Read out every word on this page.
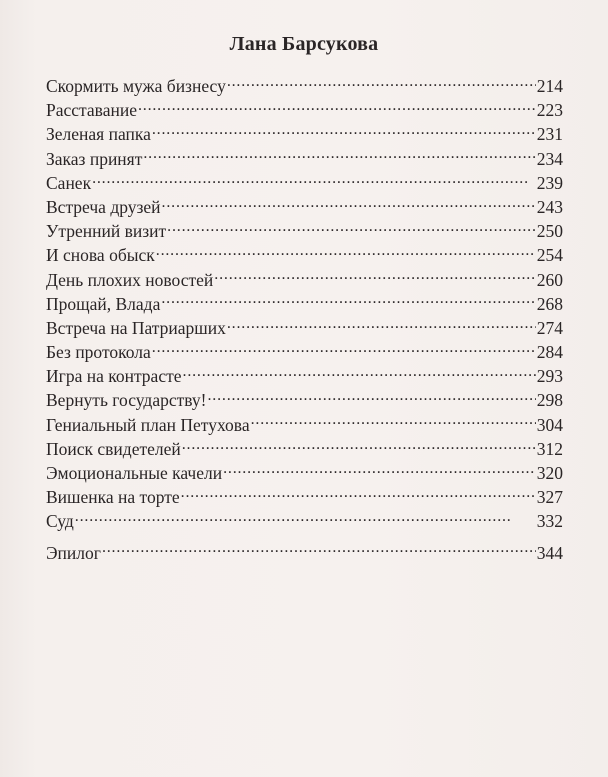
Лана Барсукова
Скормить мужа бизнесу . . .	214
Расставание . . .	223
Зеленая папка . . .	231
Заказ принят . . .	234
Санек . . .	239
Встреча друзей . . .	243
Утренний визит . . .	250
И снова обыск . . .	254
День плохих новостей . . .	260
Прощай, Влада . . .	268
Встреча на Патриарших . . .	274
Без протокола . . .	284
Игра на контрасте . . .	293
Вернуть государству! . . .	298
Гениальный план Петухова . . .	304
Поиск свидетелей . . .	312
Эмоциональные качели . . .	320
Вишенка на торте . . .	327
Суд . . .	332
Эпилог . . .	344
